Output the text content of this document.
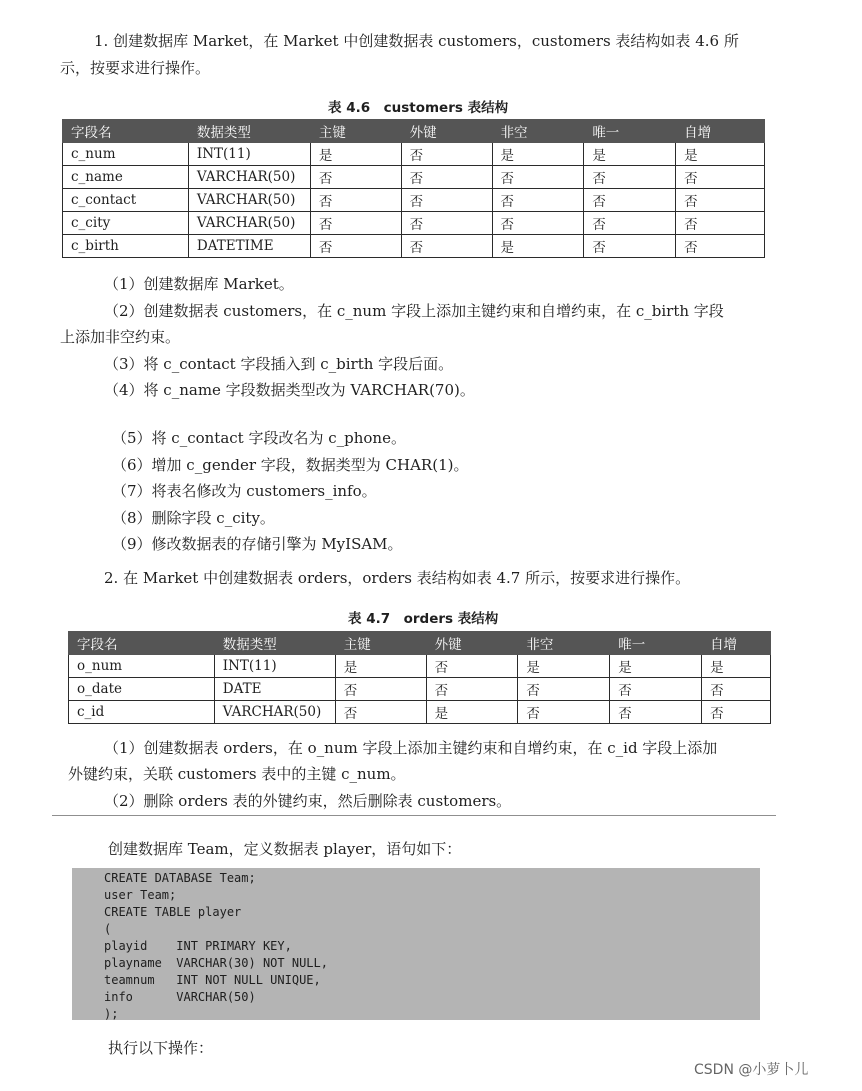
1. 创建数据库 Market，在 Market 中创建数据表 customers，customers 表结构如表 4.6 所
示，按要求进行操作。
表 4.6　customers 表结构
字段名	数据类型	主键	外键	非空	唯一	自增
c_num	INT(11)	是	否	是	是	是
c_name	VARCHAR(50)	否	否	否	否	否
c_contact	VARCHAR(50)	否	否	否	否	否
c_city	VARCHAR(50)	否	否	否	否	否
c_birth	DATETIME	否	否	是	否	否
（1）创建数据库 Market。
（2）创建数据表 customers，在 c_num 字段上添加主键约束和自增约束，在 c_birth 字段
上添加非空约束。
（3）将 c_contact 字段插入到 c_birth 字段后面。
（4）将 c_name 字段数据类型改为 VARCHAR(70)。
（5）将 c_contact 字段改名为 c_phone。
（6）增加 c_gender 字段，数据类型为 CHAR(1)。
（7）将表名修改为 customers_info。
（8）删除字段 c_city。
（9）修改数据表的存储引擎为 MyISAM。
2. 在 Market 中创建数据表 orders，orders 表结构如表 4.7 所示，按要求进行操作。
表 4.7　orders 表结构
字段名	数据类型	主键	外键	非空	唯一	自增
o_num	INT(11)	是	否	是	是	是
o_date	DATE	否	否	否	否	否
c_id	VARCHAR(50)	否	是	否	否	否
（1）创建数据表 orders，在 o_num 字段上添加主键约束和自增约束，在 c_id 字段上添加
外键约束，关联 customers 表中的主键 c_num。
（2）删除 orders 表的外键约束，然后删除表 customers。
创建数据库 Team，定义数据表 player，语句如下：
CREATE DATABASE Team;
user Team;
CREATE TABLE player
(
playid    INT PRIMARY KEY,
playname  VARCHAR(30) NOT NULL,
teamnum   INT NOT NULL UNIQUE,
info      VARCHAR(50)
);
执行以下操作：
CSDN @小萝卜儿
